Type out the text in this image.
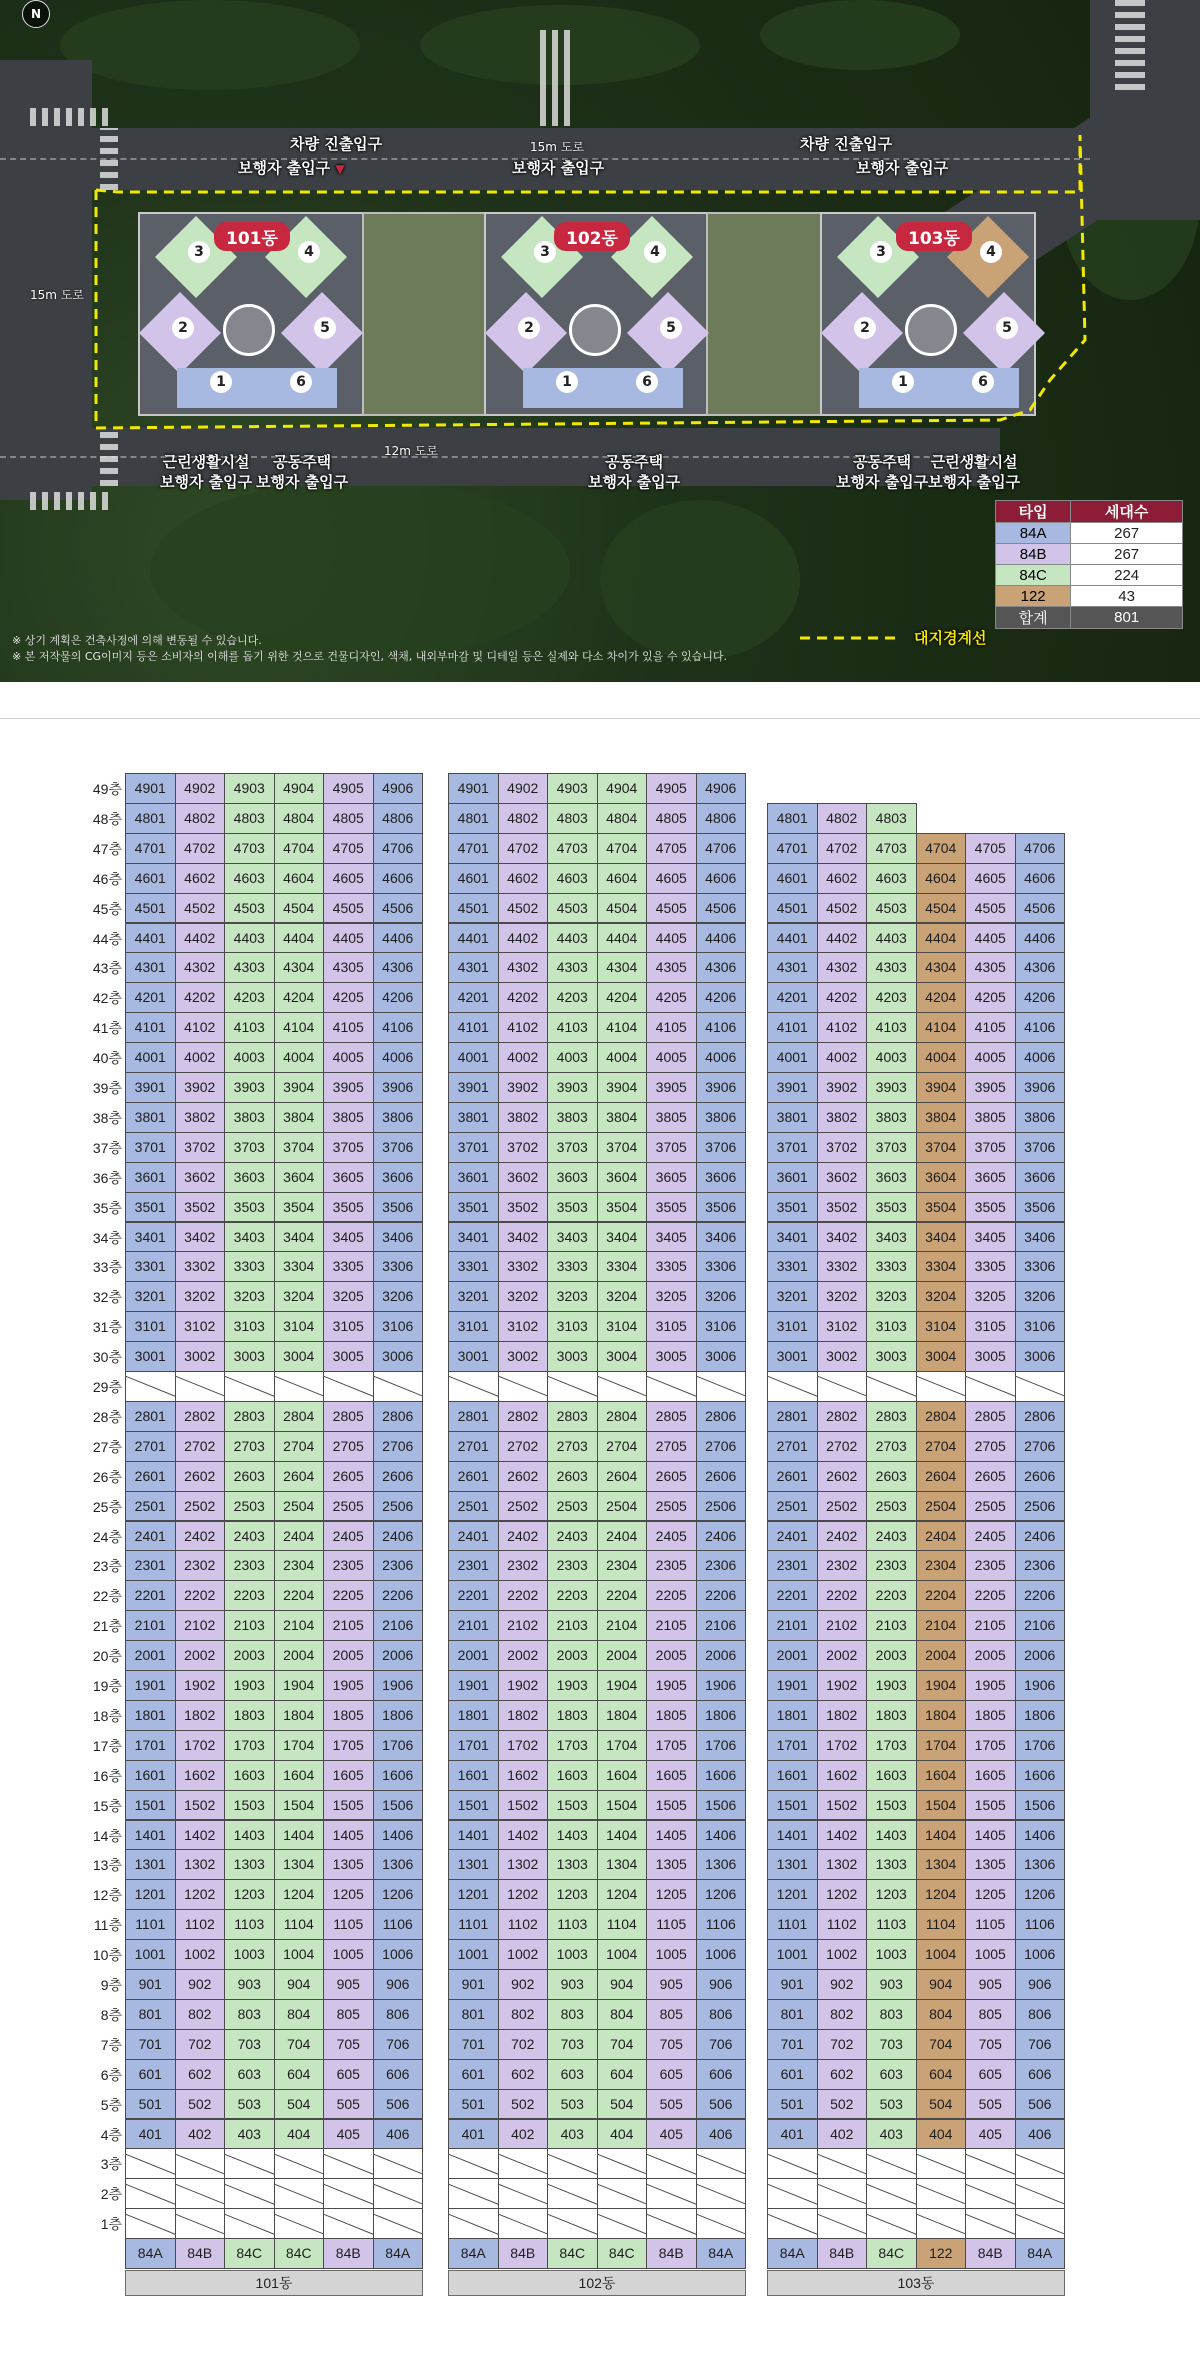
1
2
3	4
5
6	1
2
3	4
5
6	1
2
3	4
5
6
101동	102동	103동
N
15m 도로
15m 도로
12m 도로
차량 진출입구
보행자 출입구 ▼	보행자 출입구
차량 진출입구
보행자 출입구
근린생활시설
보행자 출입구
공동주택
보행자 출입구
공동주택
보행자 출입구
공동주택
보행자 출입구
근린생활시설
보행자 출입구
대지경계선
※ 상기 계획은 건축사정에 의해 변동될 수 있습니다.
※ 본 저작물의 CG이미지 등은 소비자의 이해를 돕기 위한 것으로 건물디자인, 색채, 내외부마감 및 디테일 등은 실제와 다소 차이가 있을 수 있습니다.
타입	세대수
84A	267
84B	267
84C	224
122	43
합계	801
49층 4901	4902	4903	4904	4905	4906	4901	4902	4903	4904	4905	4906
48층 4801	4802	4803	4804	4805	4806	4801	4802	4803	4804	4805	4806	4801	4802	4803
47층 4701	4702	4703	4704	4705	4706	4701	4702	4703	4704	4705	4706	4701	4702	4703	4704	4705	4706
46층 4601	4602	4603	4604	4605	4606	4601	4602	4603	4604	4605	4606	4601	4602	4603	4604	4605	4606
45층 4501	4502	4503	4504	4505	4506	4501	4502	4503	4504	4505	4506	4501	4502	4503	4504	4505	4506
44층 4401	4402	4403	4404	4405	4406	4401	4402	4403	4404	4405	4406	4401	4402	4403	4404	4405	4406
43층 4301	4302	4303	4304	4305	4306	4301	4302	4303	4304	4305	4306	4301	4302	4303	4304	4305	4306
42층 4201	4202	4203	4204	4205	4206	4201	4202	4203	4204	4205	4206	4201	4202	4203	4204	4205	4206
41층 4101	4102	4103	4104	4105	4106	4101	4102	4103	4104	4105	4106	4101	4102	4103	4104	4105	4106
40층 4001	4002	4003	4004	4005	4006	4001	4002	4003	4004	4005	4006	4001	4002	4003	4004	4005	4006
39층 3901	3902	3903	3904	3905	3906	3901	3902	3903	3904	3905	3906	3901	3902	3903	3904	3905	3906
38층 3801	3802	3803	3804	3805	3806	3801	3802	3803	3804	3805	3806	3801	3802	3803	3804	3805	3806
37층 3701	3702	3703	3704	3705	3706	3701	3702	3703	3704	3705	3706	3701	3702	3703	3704	3705	3706
36층 3601	3602	3603	3604	3605	3606	3601	3602	3603	3604	3605	3606	3601	3602	3603	3604	3605	3606
35층 3501	3502	3503	3504	3505	3506	3501	3502	3503	3504	3505	3506	3501	3502	3503	3504	3505	3506
34층 3401	3402	3403	3404	3405	3406	3401	3402	3403	3404	3405	3406	3401	3402	3403	3404	3405	3406
33층 3301	3302	3303	3304	3305	3306	3301	3302	3303	3304	3305	3306	3301	3302	3303	3304	3305	3306
32층 3201	3202	3203	3204	3205	3206	3201	3202	3203	3204	3205	3206	3201	3202	3203	3204	3205	3206
31층 3101	3102	3103	3104	3105	3106	3101	3102	3103	3104	3105	3106	3101	3102	3103	3104	3105	3106
30층 3001	3002	3003	3004	3005	3006	3001	3002	3003	3004	3005	3006	3001	3002	3003	3004	3005	3006
29층
28층 2801	2802	2803	2804	2805	2806	2801	2802	2803	2804	2805	2806	2801	2802	2803	2804	2805	2806
27층 2701	2702	2703	2704	2705	2706	2701	2702	2703	2704	2705	2706	2701	2702	2703	2704	2705	2706
26층 2601	2602	2603	2604	2605	2606	2601	2602	2603	2604	2605	2606	2601	2602	2603	2604	2605	2606
25층 2501	2502	2503	2504	2505	2506	2501	2502	2503	2504	2505	2506	2501	2502	2503	2504	2505	2506
24층 2401	2402	2403	2404	2405	2406	2401	2402	2403	2404	2405	2406	2401	2402	2403	2404	2405	2406
23층 2301	2302	2303	2304	2305	2306	2301	2302	2303	2304	2305	2306	2301	2302	2303	2304	2305	2306
22층 2201	2202	2203	2204	2205	2206	2201	2202	2203	2204	2205	2206	2201	2202	2203	2204	2205	2206
21층 2101	2102	2103	2104	2105	2106	2101	2102	2103	2104	2105	2106	2101	2102	2103	2104	2105	2106
20층 2001	2002	2003	2004	2005	2006	2001	2002	2003	2004	2005	2006	2001	2002	2003	2004	2005	2006
19층 1901	1902	1903	1904	1905	1906	1901	1902	1903	1904	1905	1906	1901	1902	1903	1904	1905	1906
18층 1801	1802	1803	1804	1805	1806	1801	1802	1803	1804	1805	1806	1801	1802	1803	1804	1805	1806
17층 1701	1702	1703	1704	1705	1706	1701	1702	1703	1704	1705	1706	1701	1702	1703	1704	1705	1706
16층 1601	1602	1603	1604	1605	1606	1601	1602	1603	1604	1605	1606	1601	1602	1603	1604	1605	1606
15층 1501	1502	1503	1504	1505	1506	1501	1502	1503	1504	1505	1506	1501	1502	1503	1504	1505	1506
14층 1401	1402	1403	1404	1405	1406	1401	1402	1403	1404	1405	1406	1401	1402	1403	1404	1405	1406
13층 1301	1302	1303	1304	1305	1306	1301	1302	1303	1304	1305	1306	1301	1302	1303	1304	1305	1306
12층 1201	1202	1203	1204	1205	1206	1201	1202	1203	1204	1205	1206	1201	1202	1203	1204	1205	1206
11층 1101	1102	1103	1104	1105	1106	1101	1102	1103	1104	1105	1106	1101	1102	1103	1104	1105	1106
10층 1001	1002	1003	1004	1005	1006	1001	1002	1003	1004	1005	1006	1001	1002	1003	1004	1005	1006
9층	901	902	903	904	905	906	901	902	903	904	905	906	901	902	903	904	905	906
8층	801	802	803	804	805	806	801	802	803	804	805	806	801	802	803	804	805	806
7층	701	702	703	704	705	706	701	702	703	704	705	706	701	702	703	704	705	706
6층	601	602	603	604	605	606	601	602	603	604	605	606	601	602	603	604	605	606
5층	501	502	503	504	505	506	501	502	503	504	505	506	501	502	503	504	505	506
4층	401	402	403	404	405	406	401	402	403	404	405	406	401	402	403	404	405	406
3층
2층
1층
84A	84B	84C	84C	84B	84A
101동
84A	84B	84C	84C	84B	84A
102동
84A	84B	84C	122	84B	84A
103동
